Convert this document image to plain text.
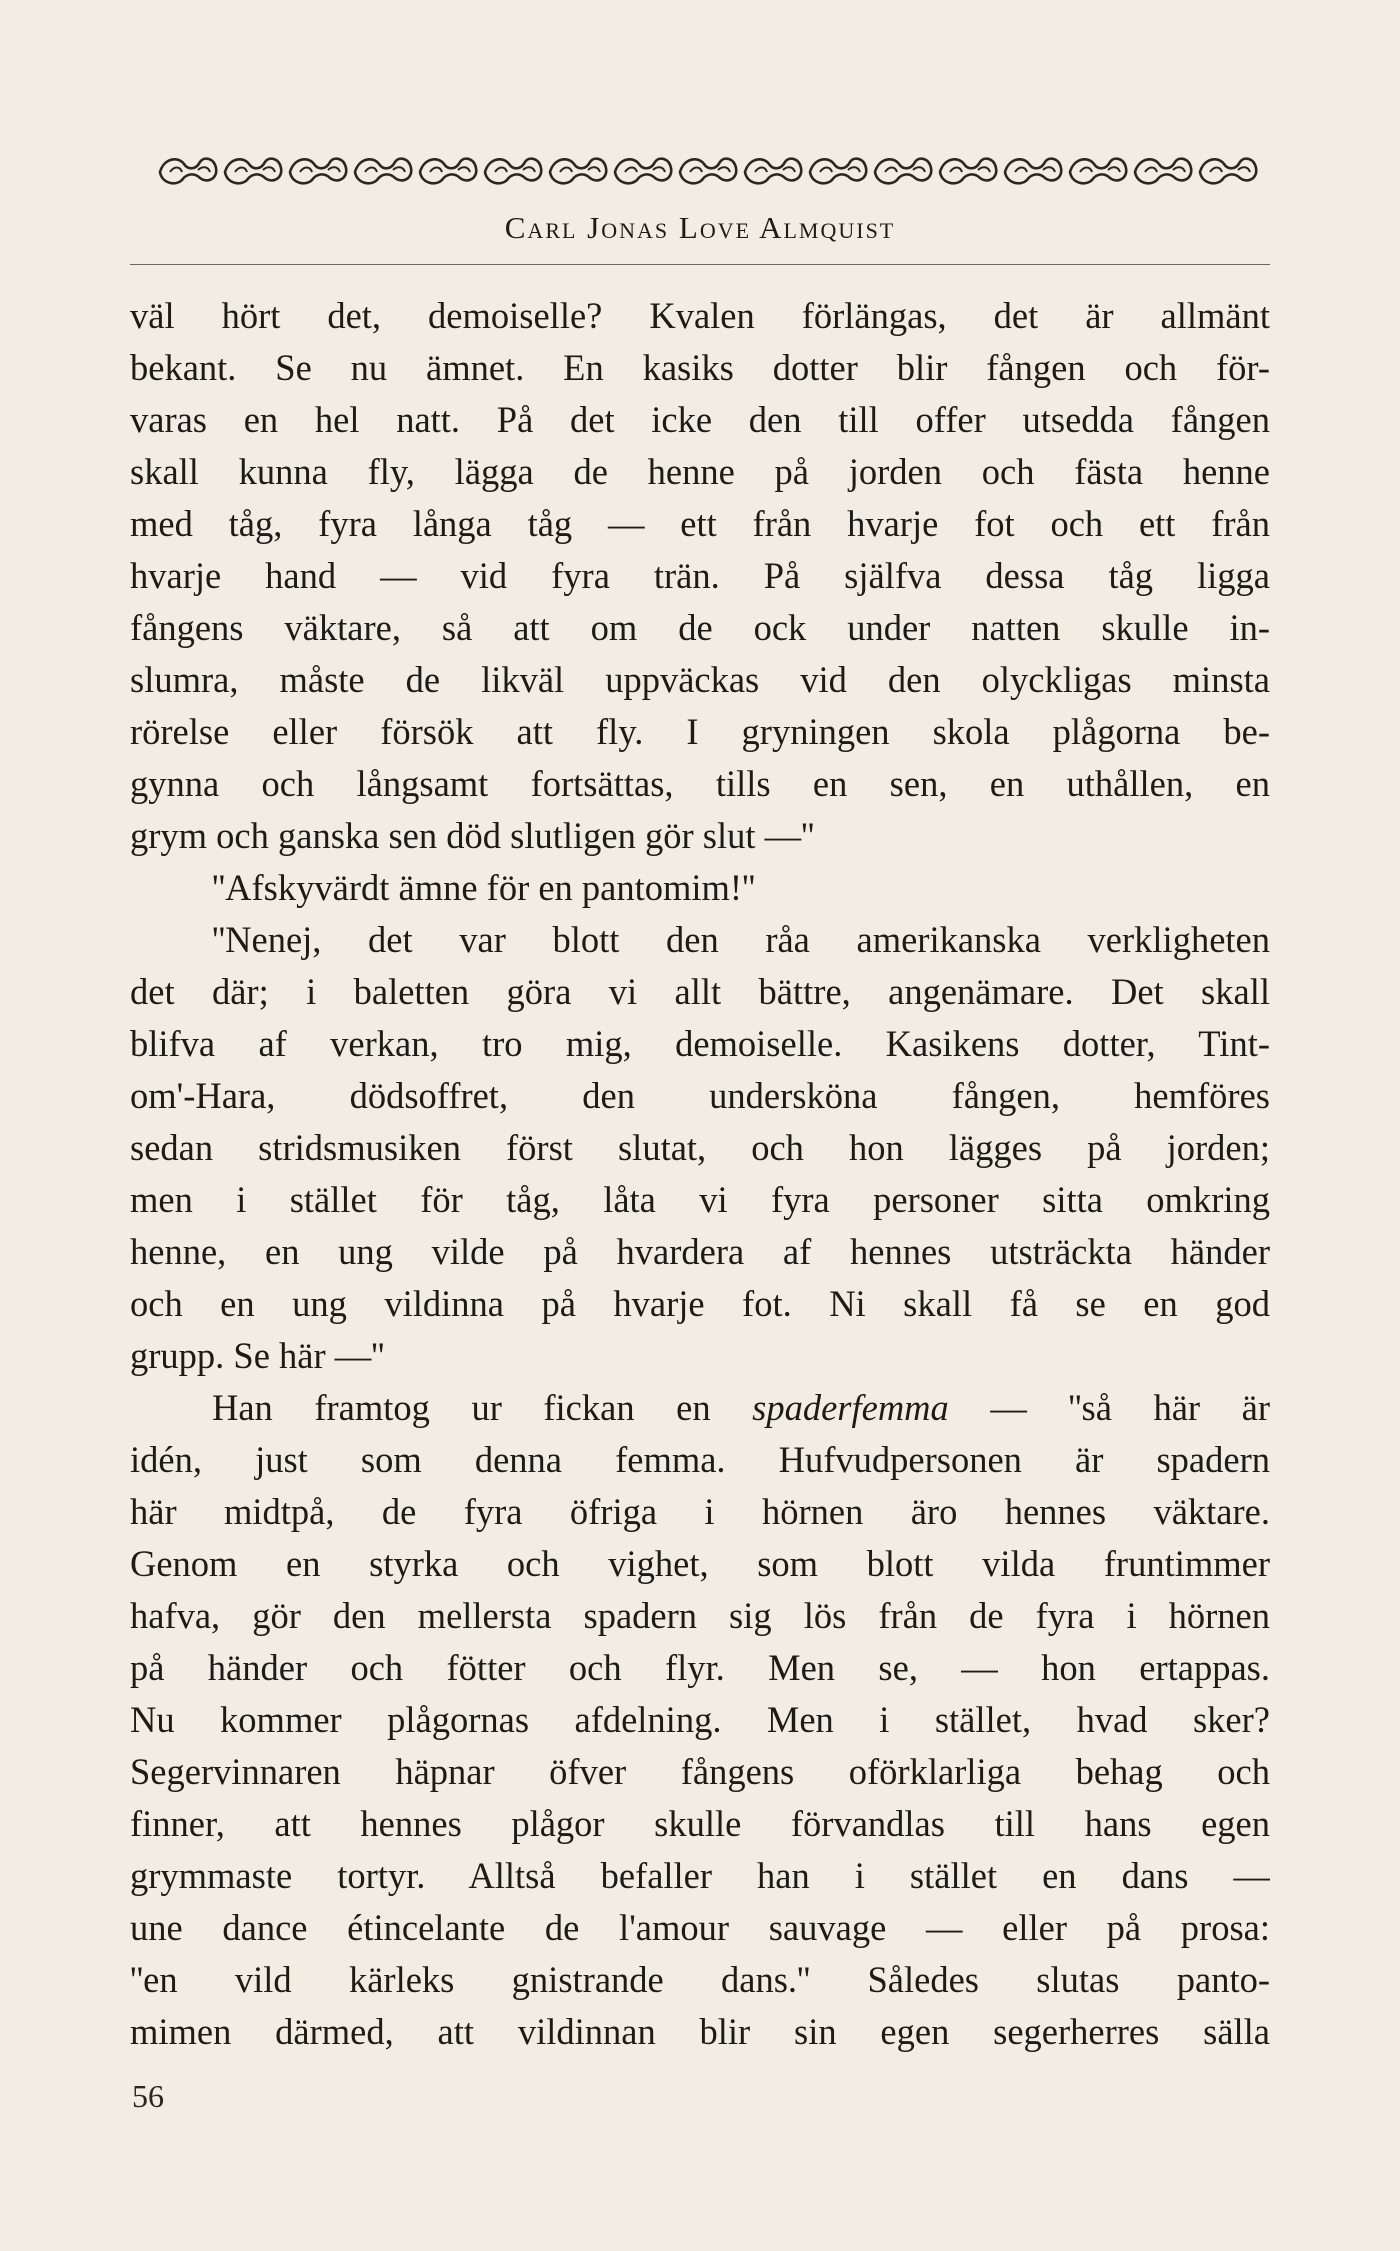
Carl Jonas Love Almquist
väl hört det, demoiselle? Kvalen förlängas, det är allmänt
bekant. Se nu ämnet. En kasiks dotter blir fången och för-
varas en hel natt. På det icke den till offer utsedda fången
skall kunna fly, lägga de henne på jorden och fästa henne
med tåg, fyra långa tåg — ett från hvarje fot och ett från
hvarje hand — vid fyra trän. På själfva dessa tåg ligga
fångens väktare, så att om de ock under natten skulle in-
slumra, måste de likväl uppväckas vid den olyckligas minsta
rörelse eller försök att fly. I gryningen skola plågorna be-
gynna och långsamt fortsättas, tills en sen, en uthållen, en
grym och ganska sen död slutligen gör slut —''
''Afskyvärdt ämne för en pantomim!''
''Nenej, det var blott den råa amerikanska verkligheten
det där; i baletten göra vi allt bättre, angenämare. Det skall
blifva af verkan, tro mig, demoiselle. Kasikens dotter, Tint-
om'-Hara, dödsoffret, den undersköna fången, hemföres
sedan stridsmusiken först slutat, och hon lägges på jorden;
men i stället för tåg, låta vi fyra personer sitta omkring
henne, en ung vilde på hvardera af hennes utsträckta händer
och en ung vildinna på hvarje fot. Ni skall få se en god
grupp. Se här —''
Han framtog ur fickan en spaderfemma — ''så här är
idén, just som denna femma. Hufvudpersonen är spadern
här midtpå, de fyra öfriga i hörnen äro hennes väktare.
Genom en styrka och vighet, som blott vilda fruntimmer
hafva, gör den mellersta spadern sig lös från de fyra i hörnen
på händer och fötter och flyr. Men se, — hon ertappas.
Nu kommer plågornas afdelning. Men i stället, hvad sker?
Segervinnaren häpnar öfver fångens oförklarliga behag och
finner, att hennes plågor skulle förvandlas till hans egen
grymmaste tortyr. Alltså befaller han i stället en dans —
une dance étincelante de l'amour sauvage — eller på prosa:
''en vild kärleks gnistrande dans.'' Således slutas panto-
mimen därmed, att vildinnan blir sin egen segerherres sälla
56
